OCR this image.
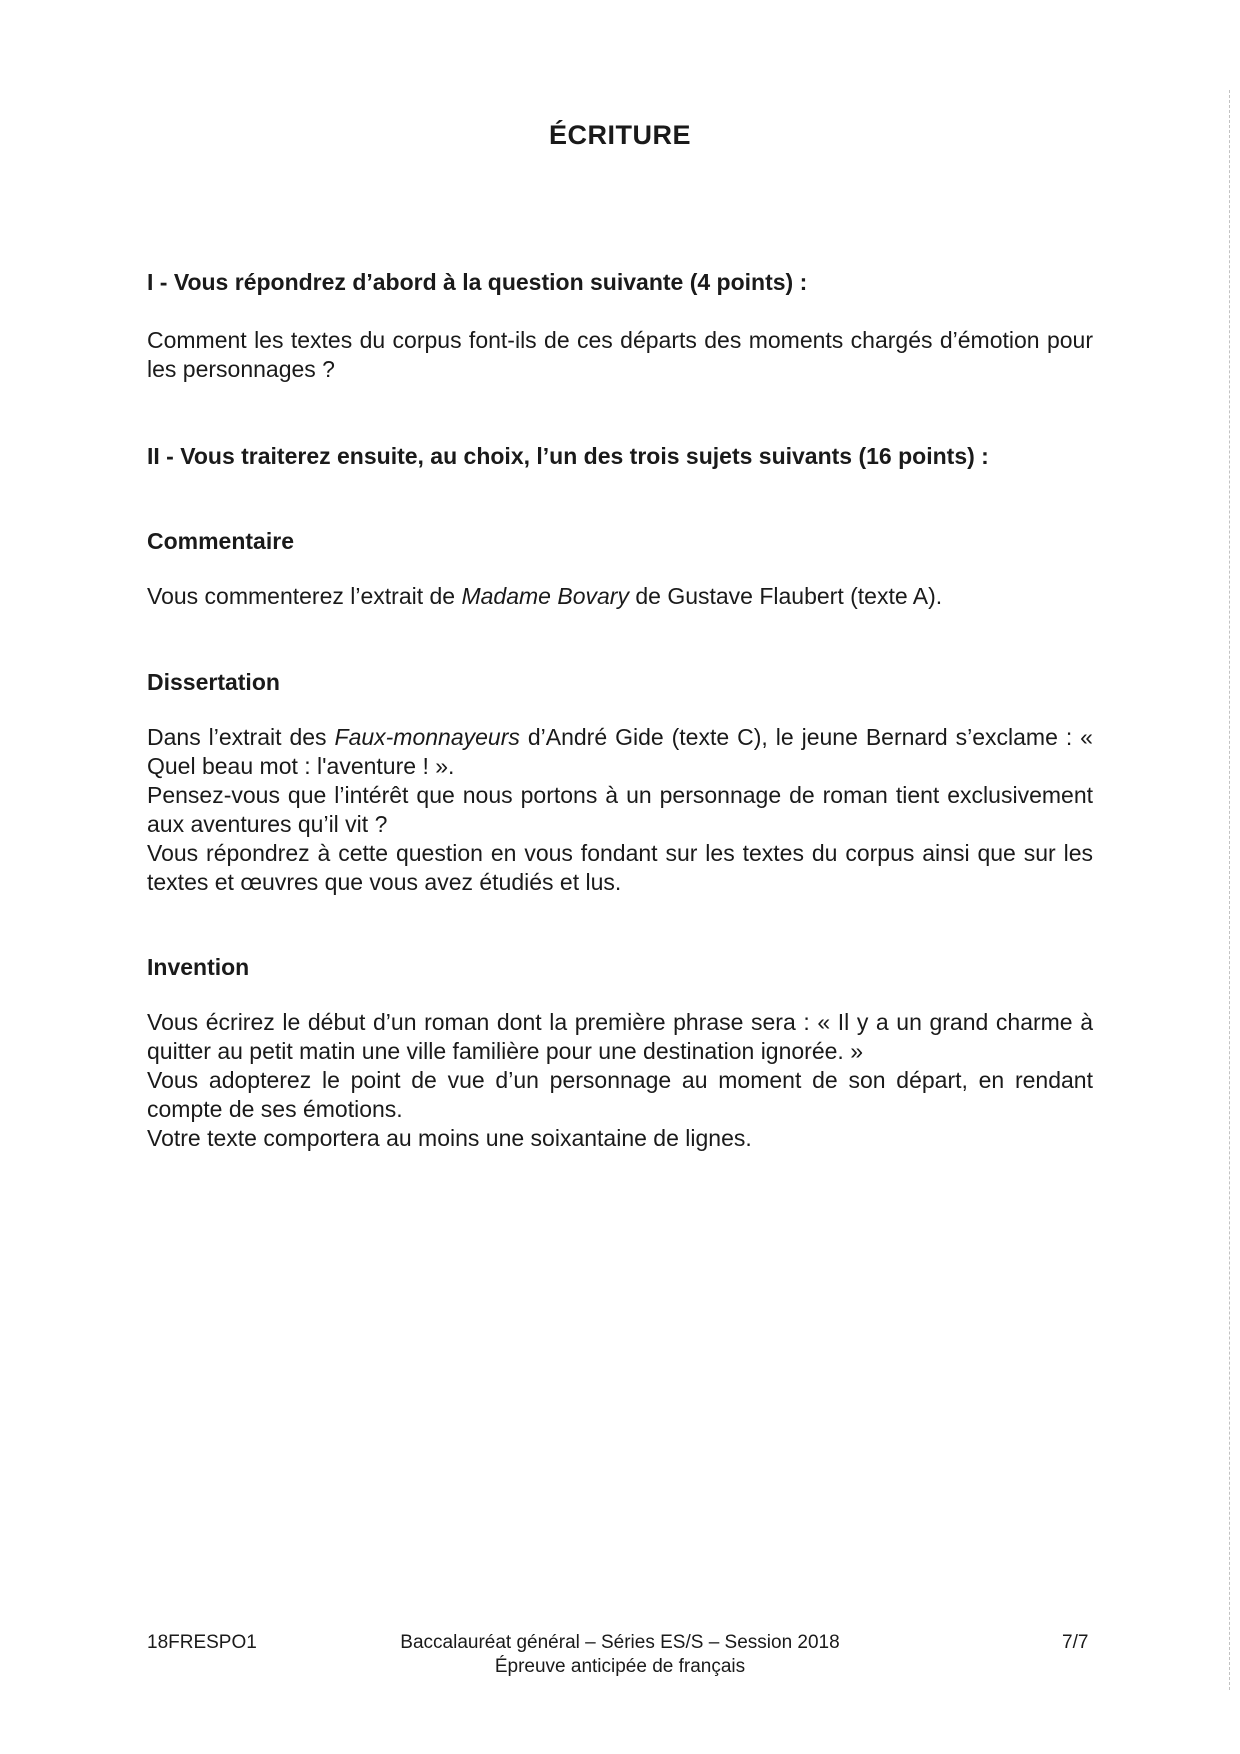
ÉCRITURE
I - Vous répondrez d’abord à la question suivante (4 points) :

Comment les textes du corpus font-ils de ces départs des moments chargés d’émotion pour les personnages ?

II - Vous traiterez ensuite, au choix, l’un des trois sujets suivants (16 points) :
Commentaire

Vous commenterez l’extrait de Madame Bovary de Gustave Flaubert (texte A).

Dissertation

Dans l’extrait des Faux-monnayeurs d’André Gide (texte C), le jeune Bernard s’exclame : « Quel beau mot : l'aventure ! ».

Pensez-vous que l’intérêt que nous portons à un personnage de roman tient exclusivement aux aventures qu’il vit ?

Vous répondrez à cette question en vous fondant sur les textes du corpus ainsi que sur les textes et œuvres que vous avez étudiés et lus.

Invention

Vous écrirez le début d’un roman dont la première phrase sera : « Il y a un grand charme à quitter au petit matin une ville familière pour une destination ignorée. »

Vous adopterez le point de vue d’un personnage au moment de son départ, en rendant compte de ses émotions.

Votre texte comportera au moins une soixantaine de lignes.

18FRESPO1	Baccalauréat général – Séries ES/S – Session 2018
Épreuve anticipée de français
7/7
